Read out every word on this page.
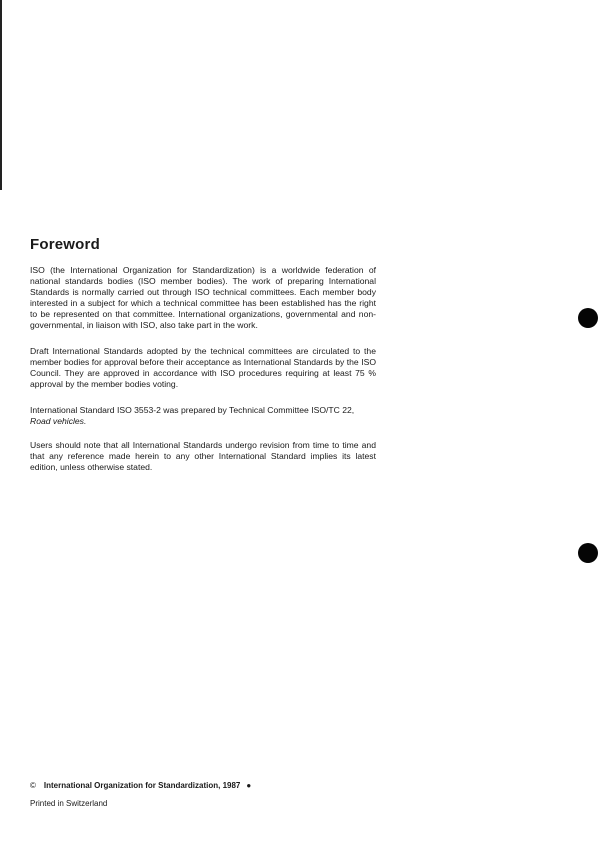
Foreword
ISO (the International Organization for Standardization) is a worldwide federation of national standards bodies (ISO member bodies). The work of preparing International Standards is normally carried out through ISO technical committees. Each member body interested in a subject for which a technical committee has been established has the right to be represented on that committee. International organizations, governmental and non-governmental, in liaison with ISO, also take part in the work.
Draft International Standards adopted by the technical committees are circulated to the member bodies for approval before their acceptance as International Standards by the ISO Council. They are approved in accordance with ISO procedures requiring at least 75 % approval by the member bodies voting.
International Standard ISO 3553-2 was prepared by Technical Committee ISO/TC 22,
Road vehicles.
Users should note that all International Standards undergo revision from time to time and that any reference made herein to any other International Standard implies its latest edition, unless otherwise stated.
© International Organization for Standardization, 1987 ●
Printed in Switzerland
